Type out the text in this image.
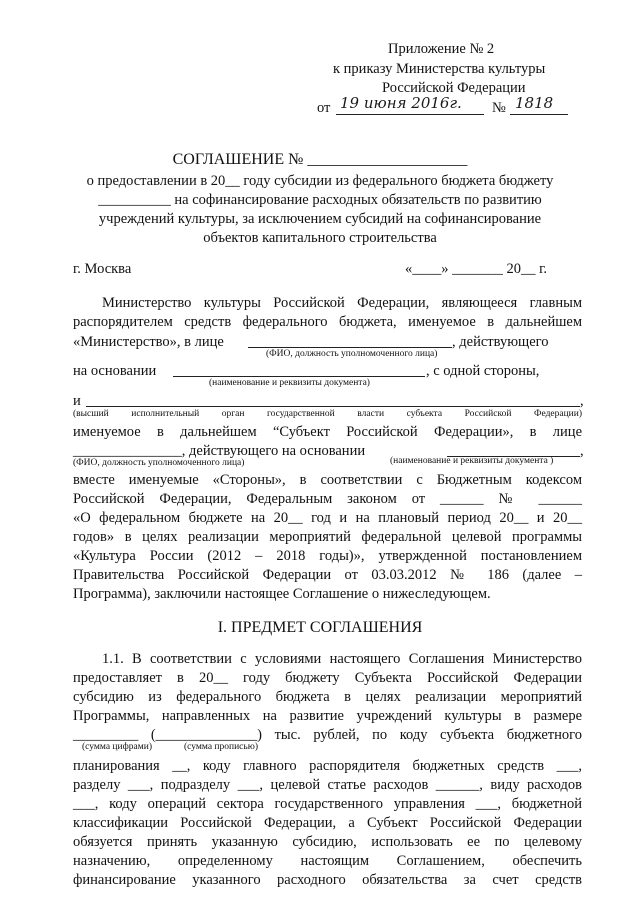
Приложение № 2
к приказу Министерства культуры
Российской Федерации
от 19 июня 2016г. № 1818
СОГЛАШЕНИЕ № ____________________
о предоставлении в 20__ году субсидии из федерального бюджета бюджету
__________ на софинансирование расходных обязательств по развитию
учреждений культуры, за исключением субсидий на софинансирование
объектов капитального строительства
г. Москва	«____» _______ 20__ г.
Министерство культуры Российской Федерации, являющееся главным
распорядителем средств федерального бюджета, именуемое в дальнейшем
«Министерство», в лице	, действующего
(ФИО, должность уполномоченного лица)
на основании	, с одной стороны,
(наименование и реквизиты документа)
и	,
(высший исполнительный орган государственной власти субъекта Российской Федерации)
именуемое в дальнейшем “Субъект Российской Федерации», в лице
_______________, действующего на основании	,
(ФИО, должность уполномоченного лица)	(наименование и реквизиты документа )
вместе именуемые «Стороны», в соответствии с Бюджетным кодексом
Российской Федерации, Федеральным законом от ______ № ______
«О федеральном бюджете на 20__ год и на плановый период 20__ и 20__
годов» в целях реализации мероприятий федеральной целевой программы
«Культура России (2012 – 2018 годы)», утвержденной постановлением
Правительства Российской Федерации от 03.03.2012 № 186 (далее –
Программа), заключили настоящее Соглашение о нижеследующем.
I. ПРЕДМЕТ СОГЛАШЕНИЯ
1.1. В соответствии с условиями настоящего Соглашения Министерство
предоставляет в 20__ году бюджету Субъекта Российской Федерации
субсидию из федерального бюджета в целях реализации мероприятий
Программы, направленных на развитие учреждений культуры в размере
_________ (______________) тыс. рублей, по коду субъекта бюджетного
(сумма цифрами)	(сумма прописью)
планирования __, коду главного распорядителя бюджетных средств ___,
разделу ___, подразделу ___, целевой статье расходов ______, виду расходов
___, коду операций сектора государственного управления ___, бюджетной
классификации Российской Федерации, а Субъект Российской Федерации
обязуется принять указанную субсидию, использовать ее по целевому
назначению, определенному настоящим Соглашением, обеспечить
финансирование указанного расходного обязательства за счет средств
